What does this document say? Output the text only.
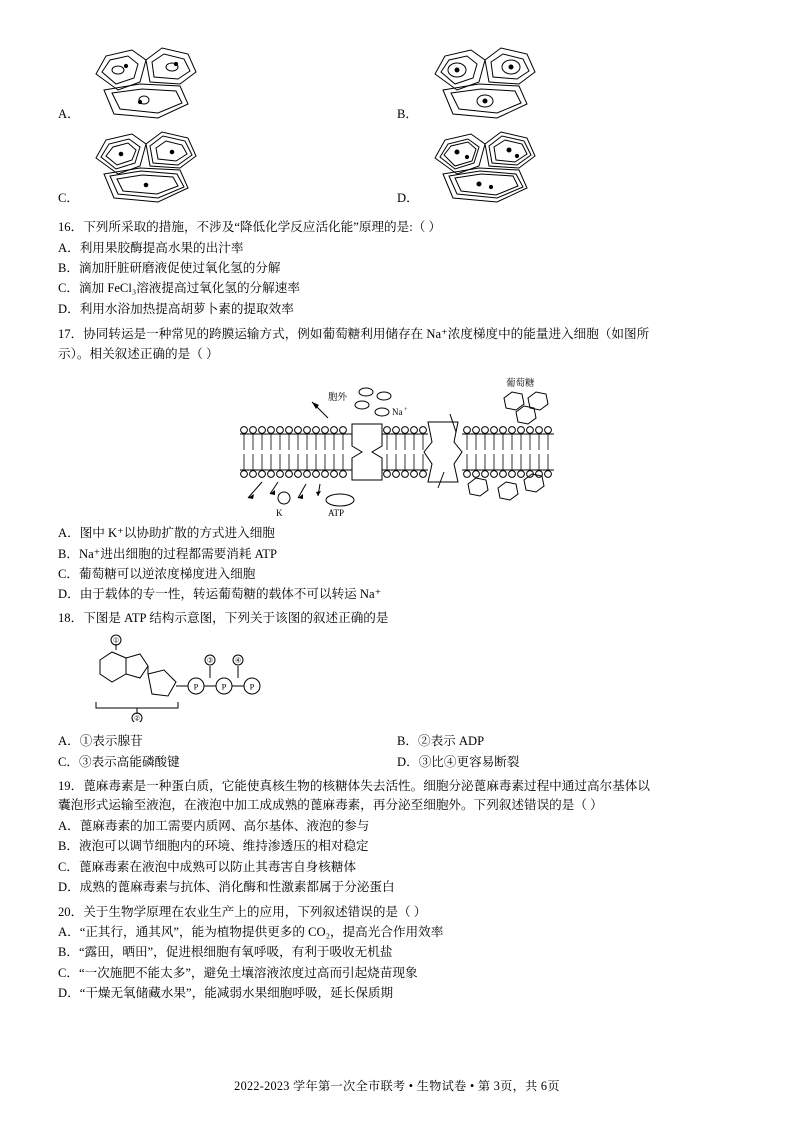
A．	B．
C．	D．

16．下列所采取的措施，不涉及“降低化学反应活化能”原理的是:（ ）

A．利用果胶酶提高水果的出汁率

B．滴加肝脏研磨液促使过氧化氢的分解

C．滴加 FeCl₃溶液提高过氧化氢的分解速率

D．利用水浴加热提高胡萝卜素的提取效率

17．协同转运是一种常见的跨膜运输方式，例如葡萄糖利用储存在 Na⁺浓度梯度中的能量进入细胞（如图所

示）。相关叙述正确的是（ ）

胞外
Na +
K	ATP
葡萄糖

A．图中 K⁺以协助扩散的方式进入细胞

B．Na⁺进出细胞的过程都需要消耗 ATP

C．葡萄糖可以逆浓度梯度进入细胞

D．由于载体的专一性，转运葡萄糖的载体不可以转运 Na⁺

18．下图是 ATP 结构示意图，下列关于该图的叙述正确的是

①
②
③	④
P	P	P

A．①表示腺苷

C．③表示高能磷酸键

B．②表示 ADP

D．③比④更容易断裂

19．蓖麻毒素是一种蛋白质，它能使真核生物的核糖体失去活性。细胞分泌蓖麻毒素过程中通过高尔基体以

囊泡形式运输至液泡，在液泡中加工成成熟的蓖麻毒素，再分泌至细胞外。下列叙述错误的是（ ）

A．蓖麻毒素的加工需要内质网、高尔基体、液泡的参与

B．液泡可以调节细胞内的环境、维持渗透压的相对稳定

C．蓖麻毒素在液泡中成熟可以防止其毒害自身核糖体

D．成熟的蓖麻毒素与抗体、消化酶和性激素都属于分泌蛋白

20．关于生物学原理在农业生产上的应用，下列叙述错误的是（ ）

A．“正其行，通其风”，能为植物提供更多的 CO₂，提高光合作用效率

B．“露田，晒田”，促进根细胞有氧呼吸，有利于吸收无机盐

C．“一次施肥不能太多”，避免土壤溶液浓度过高而引起烧苗现象

D．“干燥无氧储藏水果”，能减弱水果细胞呼吸，延长保质期

2022-2023 学年第一次全市联考 • 生物试卷 • 第 3页，共 6页
